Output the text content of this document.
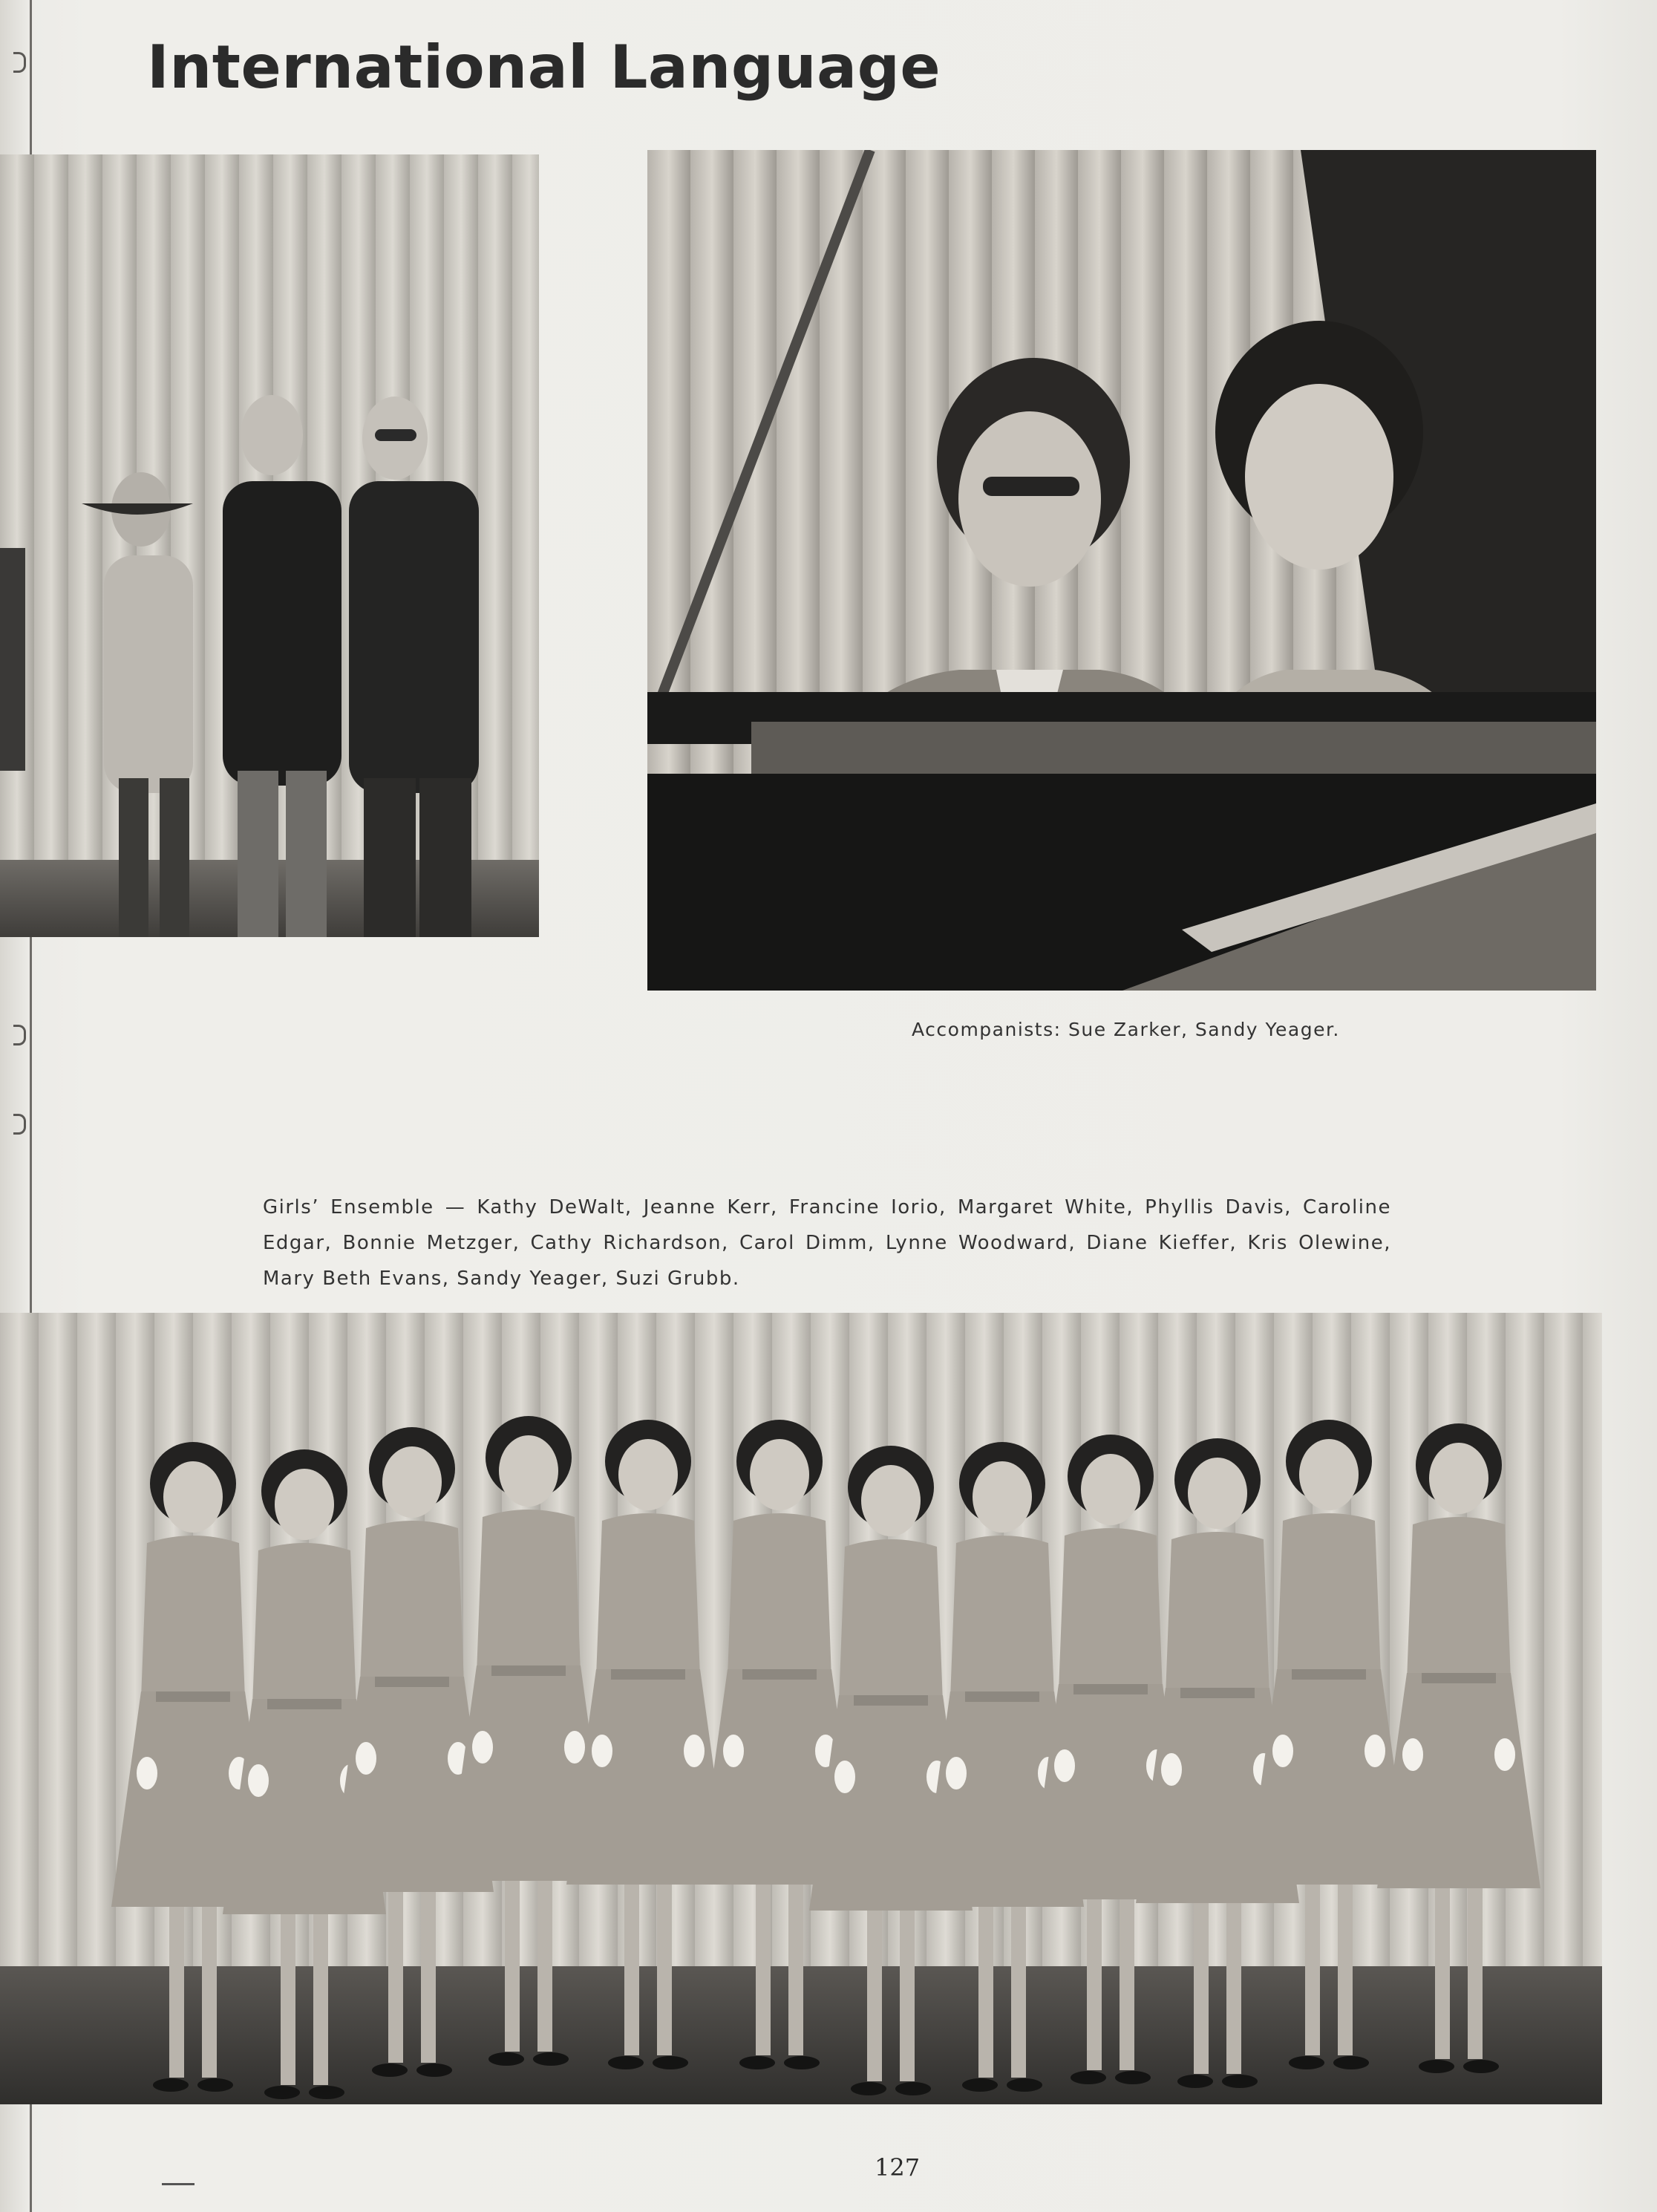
International Language
Accompanists: Sue Zarker, Sandy Yeager.
Girls’ Ensemble — Kathy DeWalt, Jeanne Kerr, Francine Iorio, Margaret White, Phyllis Davis, Caroline Edgar, Bonnie Metzger, Cathy Richardson, Carol Dimm, Lynne Woodward, Diane Kieffer, Kris Olewine, Mary Beth Evans, Sandy Yeager, Suzi Grubb.
127
